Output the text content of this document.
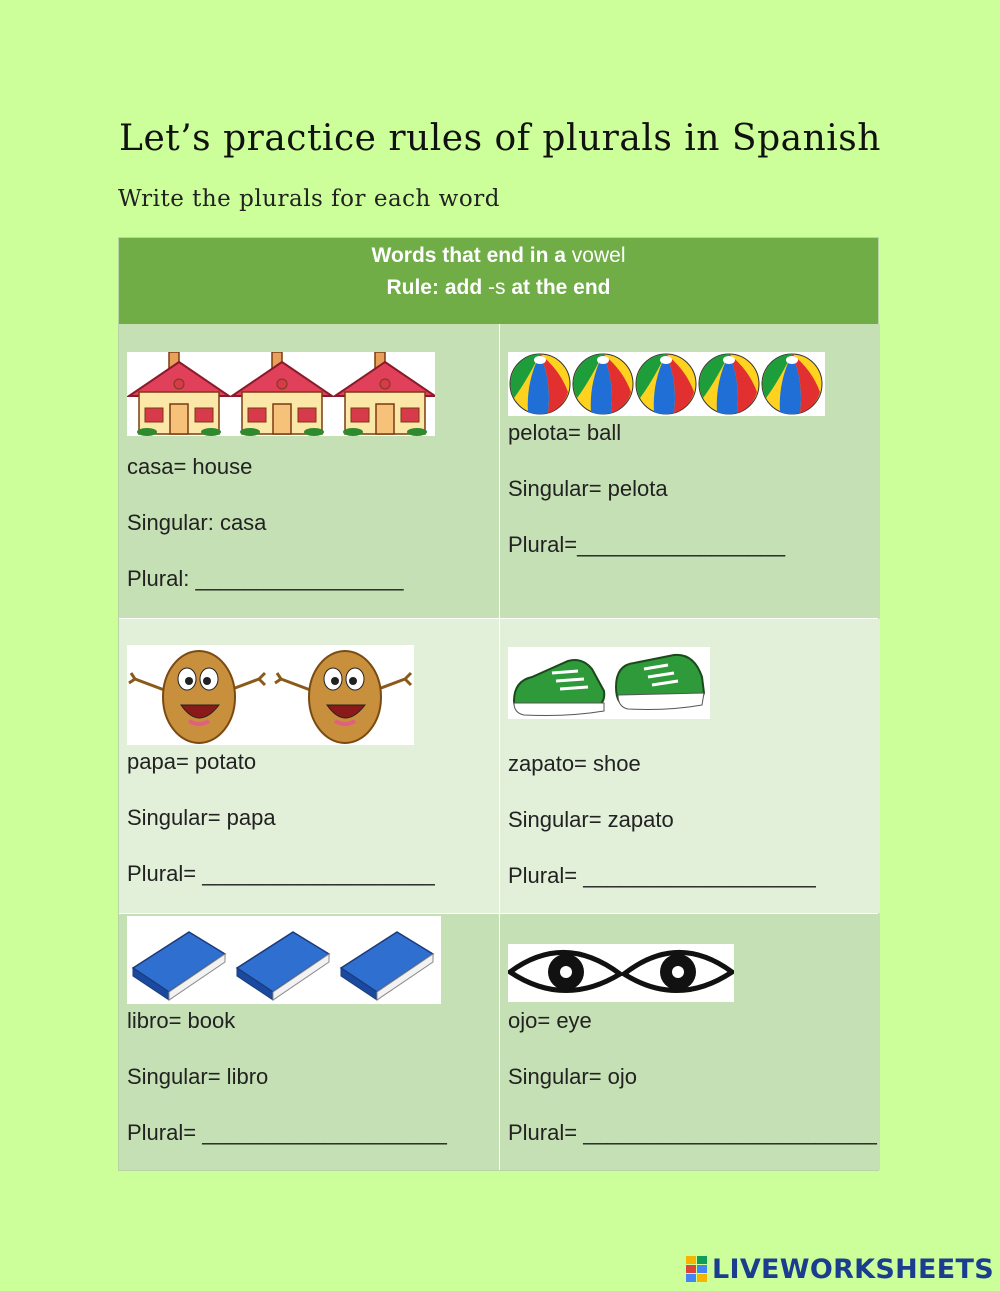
Let’s practice rules of plurals in Spanish
Write the plurals for each word
Words that end in a vowel
Rule: add -s at the end
casa= house
Singular: casa
Plural: _________________
pelota= ball
Singular= pelota
Plural=_________________
papa= potato
Singular= papa
Plural= ___________________
zapato= shoe
Singular= zapato
Plural= ___________________
libro= book
Singular= libro
Plural= ____________________
ojo= eye
Singular= ojo
Plural= ________________________
LIVEWORKSHEETS
